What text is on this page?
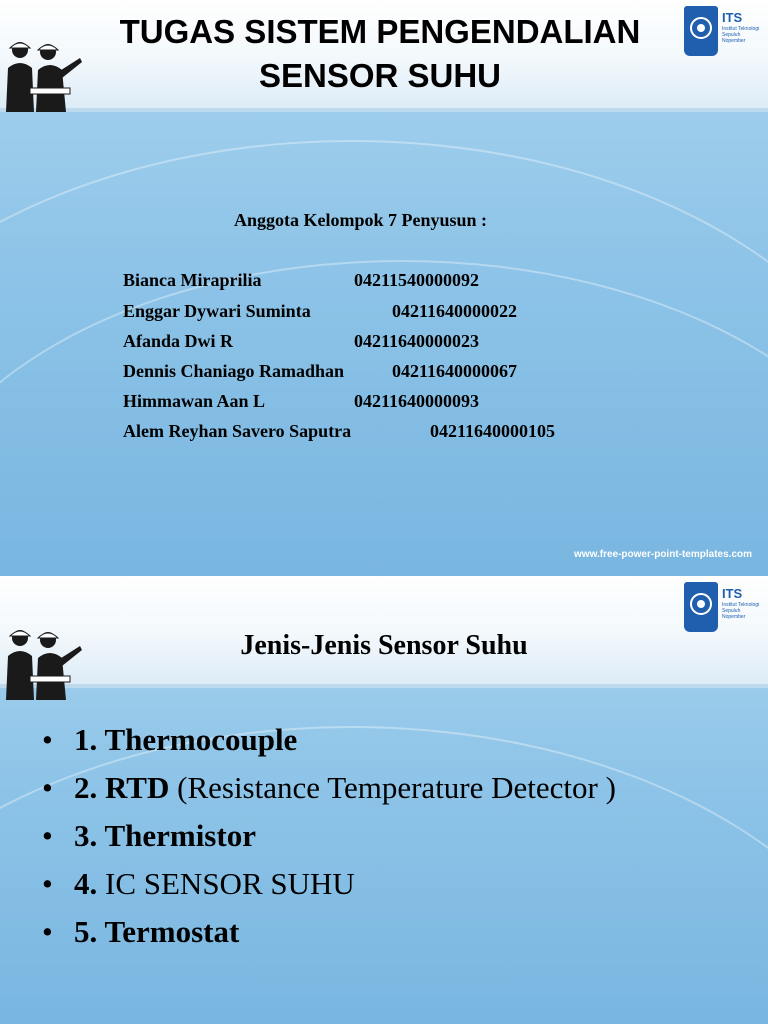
ITS
Institut Teknologi Sepuluh Nopember
TUGAS SISTEM PENGENDALIAN
SENSOR SUHU
Anggota Kelompok 7 Penyusun :
Bianca Miraprilia	04211540000092
Enggar Dywari Suminta	04211640000022
Afanda Dwi R	04211640000023
Dennis Chaniago Ramadhan	04211640000067
Himmawan Aan L	04211640000093
Alem Reyhan Savero Saputra	04211640000105
www.free-power-point-templates.com
ITS
Institut Teknologi Sepuluh Nopember
Jenis-Jenis Sensor Suhu
• 1. Thermocouple
• 2. RTD (Resistance Temperature Detector )
• 3. Thermistor
• 4. IC SENSOR SUHU
• 5. Termostat
